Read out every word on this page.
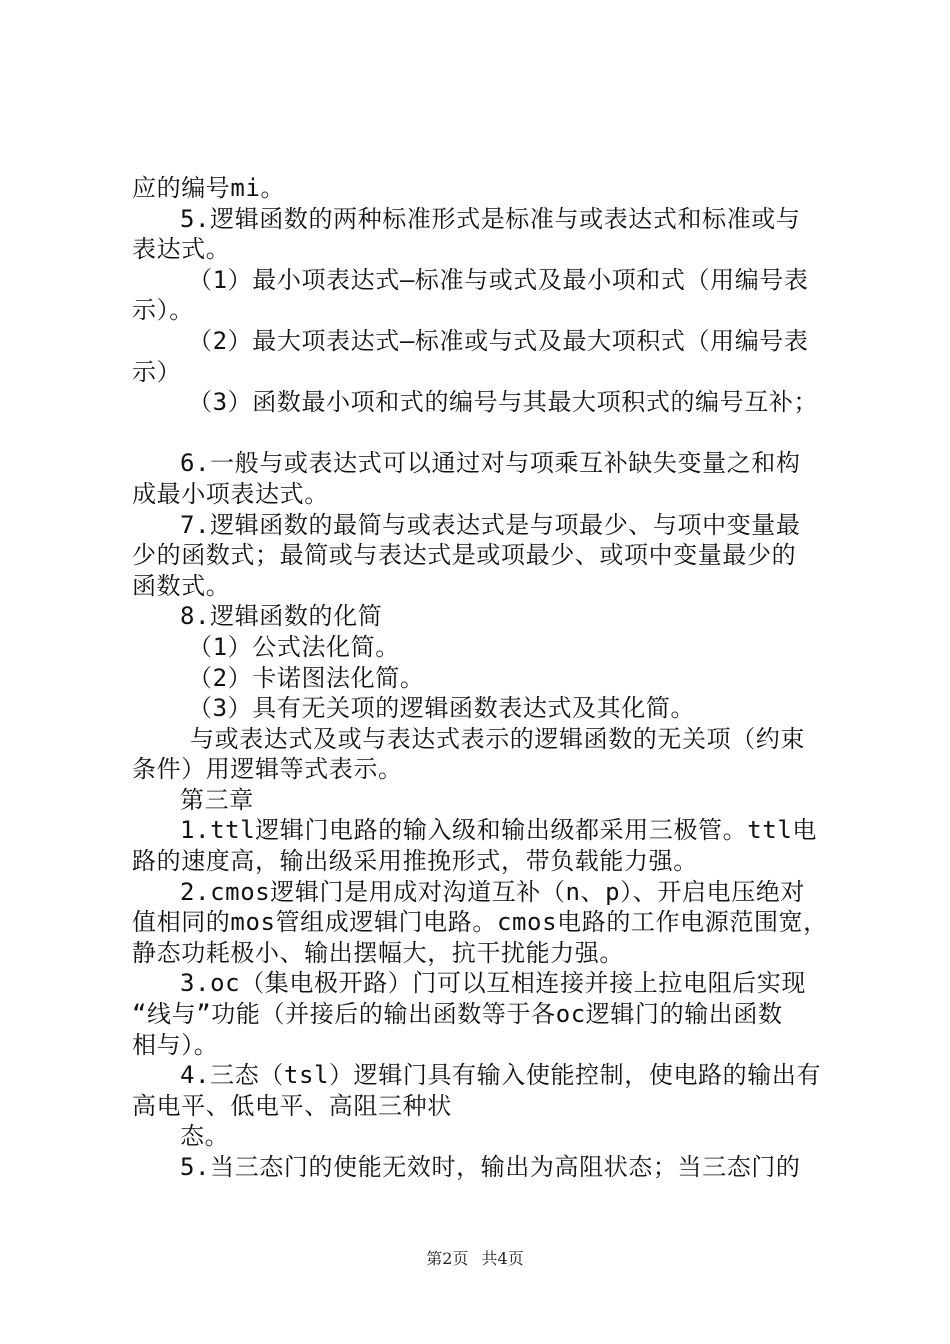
应的编号mi。
5.逻辑函数的两种标准形式是标准与或表达式和标准或与
表达式。
（1）最小项表达式—标准与或式及最小项和式（用编号表
示）。
（2）最大项表达式—标准或与式及最大项积式（用编号表
示）
（3）函数最小项和式的编号与其最大项积式的编号互补；
6.一般与或表达式可以通过对与项乘互补缺失变量之和构
成最小项表达式。
7.逻辑函数的最简与或表达式是与项最少、与项中变量最
少的函数式；最简或与表达式是或项最少、或项中变量最少的
函数式。
8.逻辑函数的化简
（1）公式法化简。
（2）卡诺图法化简。
（3）具有无关项的逻辑函数表达式及其化简。
与或表达式及或与表达式表示的逻辑函数的无关项（约束
条件）用逻辑等式表示。
第三章
1.ttl逻辑门电路的输入级和输出级都采用三极管。ttl电
路的速度高，输出级采用推挽形式，带负载能力强。
2.cmos逻辑门是用成对沟道互补（n、p）、开启电压绝对
值相同的mos管组成逻辑门电路。cmos电路的工作电源范围宽，
静态功耗极小、输出摆幅大，抗干扰能力强。
3.oc（集电极开路）门可以互相连接并接上拉电阻后实现
“线与”功能（并接后的输出函数等于各oc逻辑门的输出函数
相与）。
4.三态（tsl）逻辑门具有输入使能控制，使电路的输出有
高电平、低电平、高阻三种状
态。
5.当三态门的使能无效时，输出为高阻状态；当三态门的
第2页 共4页
